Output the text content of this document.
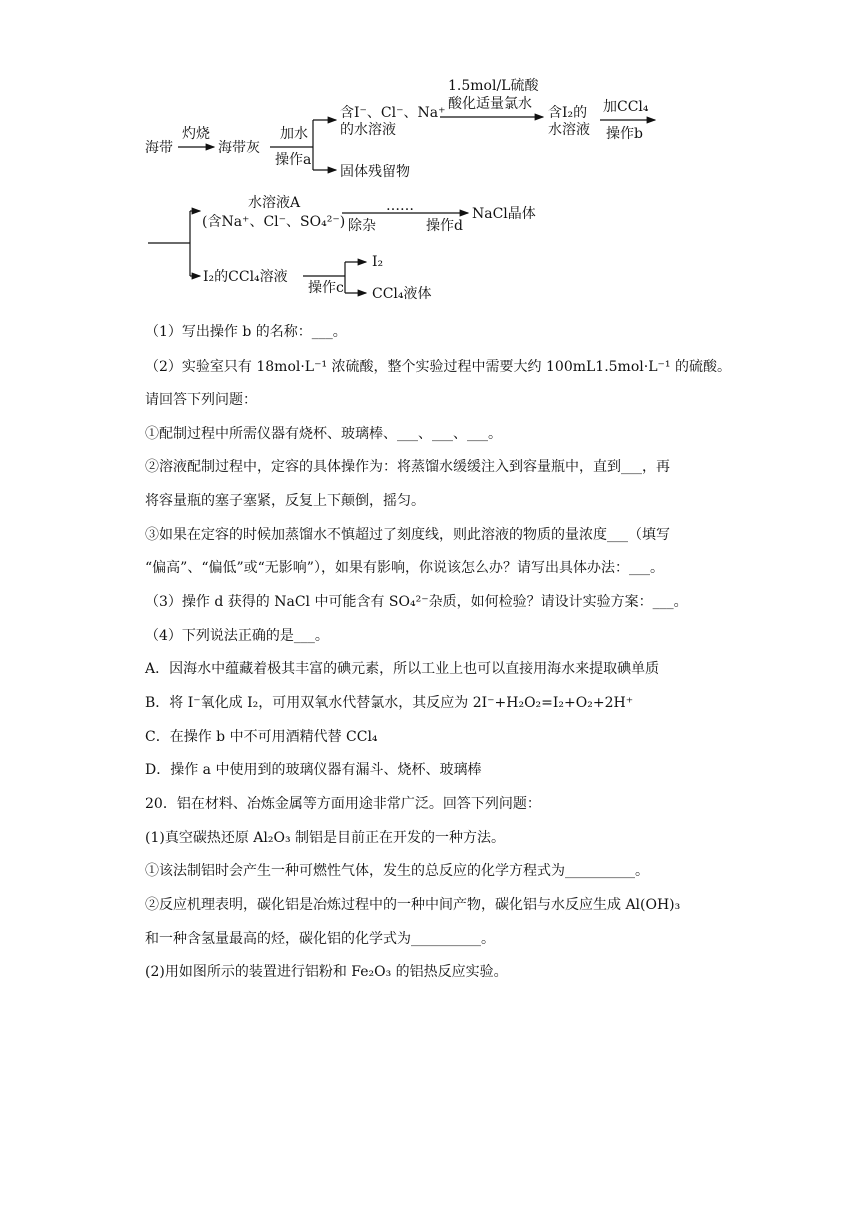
海带
灼烧
海带灰
加水
操作a
含I⁻、Cl⁻、Na⁺
的水溶液
固体残留物
1.5mol/L硫酸
酸化适量氯水
含I₂的
水溶液
加CCl₄
操作b
水溶液A
(含Na⁺、Cl⁻、SO₄²⁻)
……
除杂	操作d
NaCl晶体
I₂的CCl₄溶液
操作c
I₂
CCl₄液体
（1）写出操作 b 的名称：___。
（2）实验室只有 18mol·L⁻¹ 浓硫酸，整个实验过程中需要大约 100mL1.5mol·L⁻¹ 的硫酸。
请回答下列问题：
①配制过程中所需仪器有烧杯、玻璃棒、___、___、___。
②溶液配制过程中，定容的具体操作为：将蒸馏水缓缓注入到容量瓶中，直到___，再
将容量瓶的塞子塞紧，反复上下颠倒，摇匀。
③如果在定容的时候加蒸馏水不慎超过了刻度线，则此溶液的物质的量浓度___（填写
“偏高”、“偏低”或“无影响”），如果有影响，你说该怎么办？请写出具体办法：___。
（3）操作 d 获得的 NaCl 中可能含有 SO₄²⁻杂质，如何检验？请设计实验方案：___。
（4）下列说法正确的是___。
A．因海水中蕴藏着极其丰富的碘元素，所以工业上也可以直接用海水来提取碘单质
B．将 I⁻氧化成 I₂，可用双氧水代替氯水，其反应为 2I⁻+H₂O₂=I₂+O₂+2H⁺
C．在操作 b 中不可用酒精代替 CCl₄
D．操作 a 中使用到的玻璃仪器有漏斗、烧杯、玻璃棒
20．铝在材料、冶炼金属等方面用途非常广泛。回答下列问题：
(1)真空碳热还原 Al₂O₃ 制铝是目前正在开发的一种方法。
①该法制铝时会产生一种可燃性气体，发生的总反应的化学方程式为__________。
②反应机理表明，碳化铝是冶炼过程中的一种中间产物，碳化铝与水反应生成 Al(OH)₃
和一种含氢量最高的烃，碳化铝的化学式为__________。
(2)用如图所示的装置进行铝粉和 Fe₂O₃ 的铝热反应实验。
